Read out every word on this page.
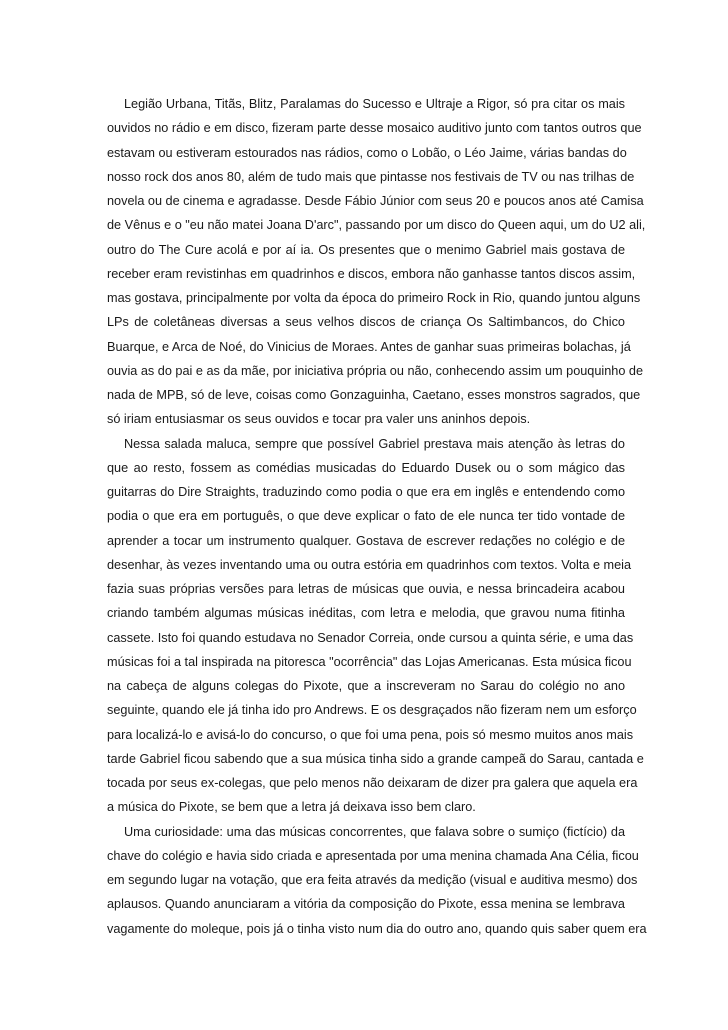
Legião Urbana, Titãs, Blitz, Paralamas do Sucesso e Ultraje a Rigor, só pra citar os mais
ouvidos no rádio e em disco, fizeram parte desse mosaico auditivo junto com tantos outros que
estavam ou estiveram estourados nas rádios, como o Lobão, o Léo Jaime, várias bandas do
nosso rock dos anos 80, além de tudo mais que pintasse nos festivais de TV ou nas trilhas de
novela ou de cinema e agradasse. Desde Fábio Júnior com seus 20 e poucos anos até Camisa
de Vênus e o "eu não matei Joana D'arc", passando por um disco do Queen aqui, um do U2 ali,
outro do The Cure acolá e por aí ia. Os presentes que o menimo Gabriel mais gostava de
receber eram revistinhas em quadrinhos e discos, embora não ganhasse tantos discos assim,
mas gostava, principalmente por volta da época do primeiro Rock in Rio, quando juntou alguns
LPs de coletâneas diversas a seus velhos discos de criança Os Saltimbancos, do Chico
Buarque, e Arca de Noé, do Vinicius de Moraes. Antes de ganhar suas primeiras bolachas, já
ouvia as do pai e as da mãe, por iniciativa própria ou não, conhecendo assim um pouquinho de
nada de MPB, só de leve, coisas como Gonzaguinha, Caetano, esses monstros sagrados, que
só iriam entusiasmar os seus ouvidos e tocar pra valer uns aninhos depois.
Nessa salada maluca, sempre que possível Gabriel prestava mais atenção às letras do
que ao resto, fossem as comédias musicadas do Eduardo Dusek ou o som mágico das
guitarras do Dire Straights, traduzindo como podia o que era em inglês e entendendo como
podia o que era em português, o que deve explicar o fato de ele nunca ter tido vontade de
aprender a tocar um instrumento qualquer. Gostava de escrever redações no colégio e de
desenhar, às vezes inventando uma ou outra estória em quadrinhos com textos. Volta e meia
fazia suas próprias versões para letras de músicas que ouvia, e nessa brincadeira acabou
criando também algumas músicas inéditas, com letra e melodia, que gravou numa fitinha
cassete. Isto foi quando estudava no Senador Correia, onde cursou a quinta série, e uma das
músicas foi a tal inspirada na pitoresca "ocorrência" das Lojas Americanas. Esta música ficou
na cabeça de alguns colegas do Pixote, que a inscreveram no Sarau do colégio no ano
seguinte, quando ele já tinha ido pro Andrews. E os desgraçados não fizeram nem um esforço
para localizá-lo e avisá-lo do concurso, o que foi uma pena, pois só mesmo muitos anos mais
tarde Gabriel ficou sabendo que a sua música tinha sido a grande campeã do Sarau, cantada e
tocada por seus ex-colegas, que pelo menos não deixaram de dizer pra galera que aquela era
a música do Pixote, se bem que a letra já deixava isso bem claro.
Uma curiosidade: uma das músicas concorrentes, que falava sobre o sumiço (fictício) da
chave do colégio e havia sido criada e apresentada por uma menina chamada Ana Célia, ficou
em segundo lugar na votação, que era feita através da medição (visual e auditiva mesmo) dos
aplausos. Quando anunciaram a vitória da composição do Pixote, essa menina se lembrava
vagamente do moleque, pois já o tinha visto num dia do outro ano, quando quis saber quem era
